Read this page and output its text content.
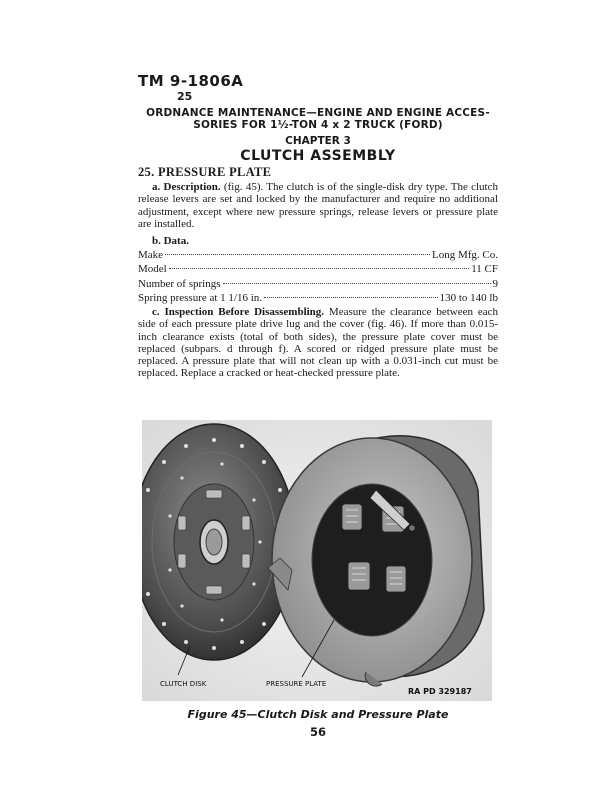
TM 9-1806A
25
ORDNANCE MAINTENANCE—ENGINE AND ENGINE ACCES-
SORIES FOR 1½-TON 4 x 2 TRUCK (FORD)
CHAPTER 3
CLUTCH ASSEMBLY
25. PRESSURE PLATE
a. Description. (fig. 45). The clutch is of the single-disk dry type. The clutch release levers are set and locked by the manufacturer and require no additional adjustment, except where new pressure springs, release levers or pressure plate are installed.
b. Data.
Make	Long Mfg. Co.
Model	11 CF
Number of springs	9
Spring pressure at 1 1/16 in.	130 to 140 lb
c. Inspection Before Disassembling. Measure the clearance between each side of each pressure plate drive lug and the cover (fig. 46). If more than 0.015-inch clearance exists (total of both sides), the pressure plate cover must be replaced (subpars. d through f). A scored or ridged pressure plate must be replaced. A pressure plate that will not clean up with a 0.031-inch cut must be replaced. Replace a cracked or heat-checked pressure plate.
CLUTCH DISK	PRESSURE PLATE
RA PD 329187
Figure 45—Clutch Disk and Pressure Plate
56
